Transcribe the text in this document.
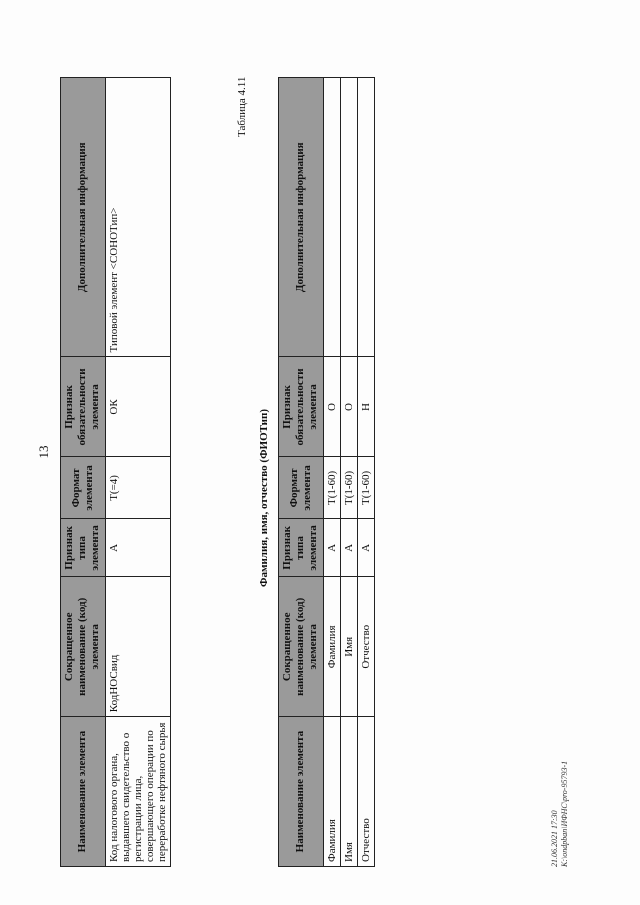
Наименование элемента	Сокращенное наименование (код) элемента	Признак типа элемента	Формат элемента	Признак обязательности элемента	Дополнительная информация
Код налогового органа, выдавшего свидетельство о регистрации лица, совершающего операции по переработке нефтяного сырья	КодНОСвид	А	T(=4)	ОК	Типовой элемент <СОНОТип>
Таблица 4.11
Фамилия, имя, отчество (ФИОТип)
Наименование элемента	Сокращенное наименование (код) элемента	Признак типа элемента	Формат элемента	Признак обязательности элемента	Дополнительная информация
Фамилия	Фамилия	А	T(1-60)	О	
Имя	Имя	А	T(1-60)	О	
Отчество	Отчество	А	T(1-60)	Н	
21.06.2021 17:30 K:\ondpban\ИФНС\pro-95793-1
13
